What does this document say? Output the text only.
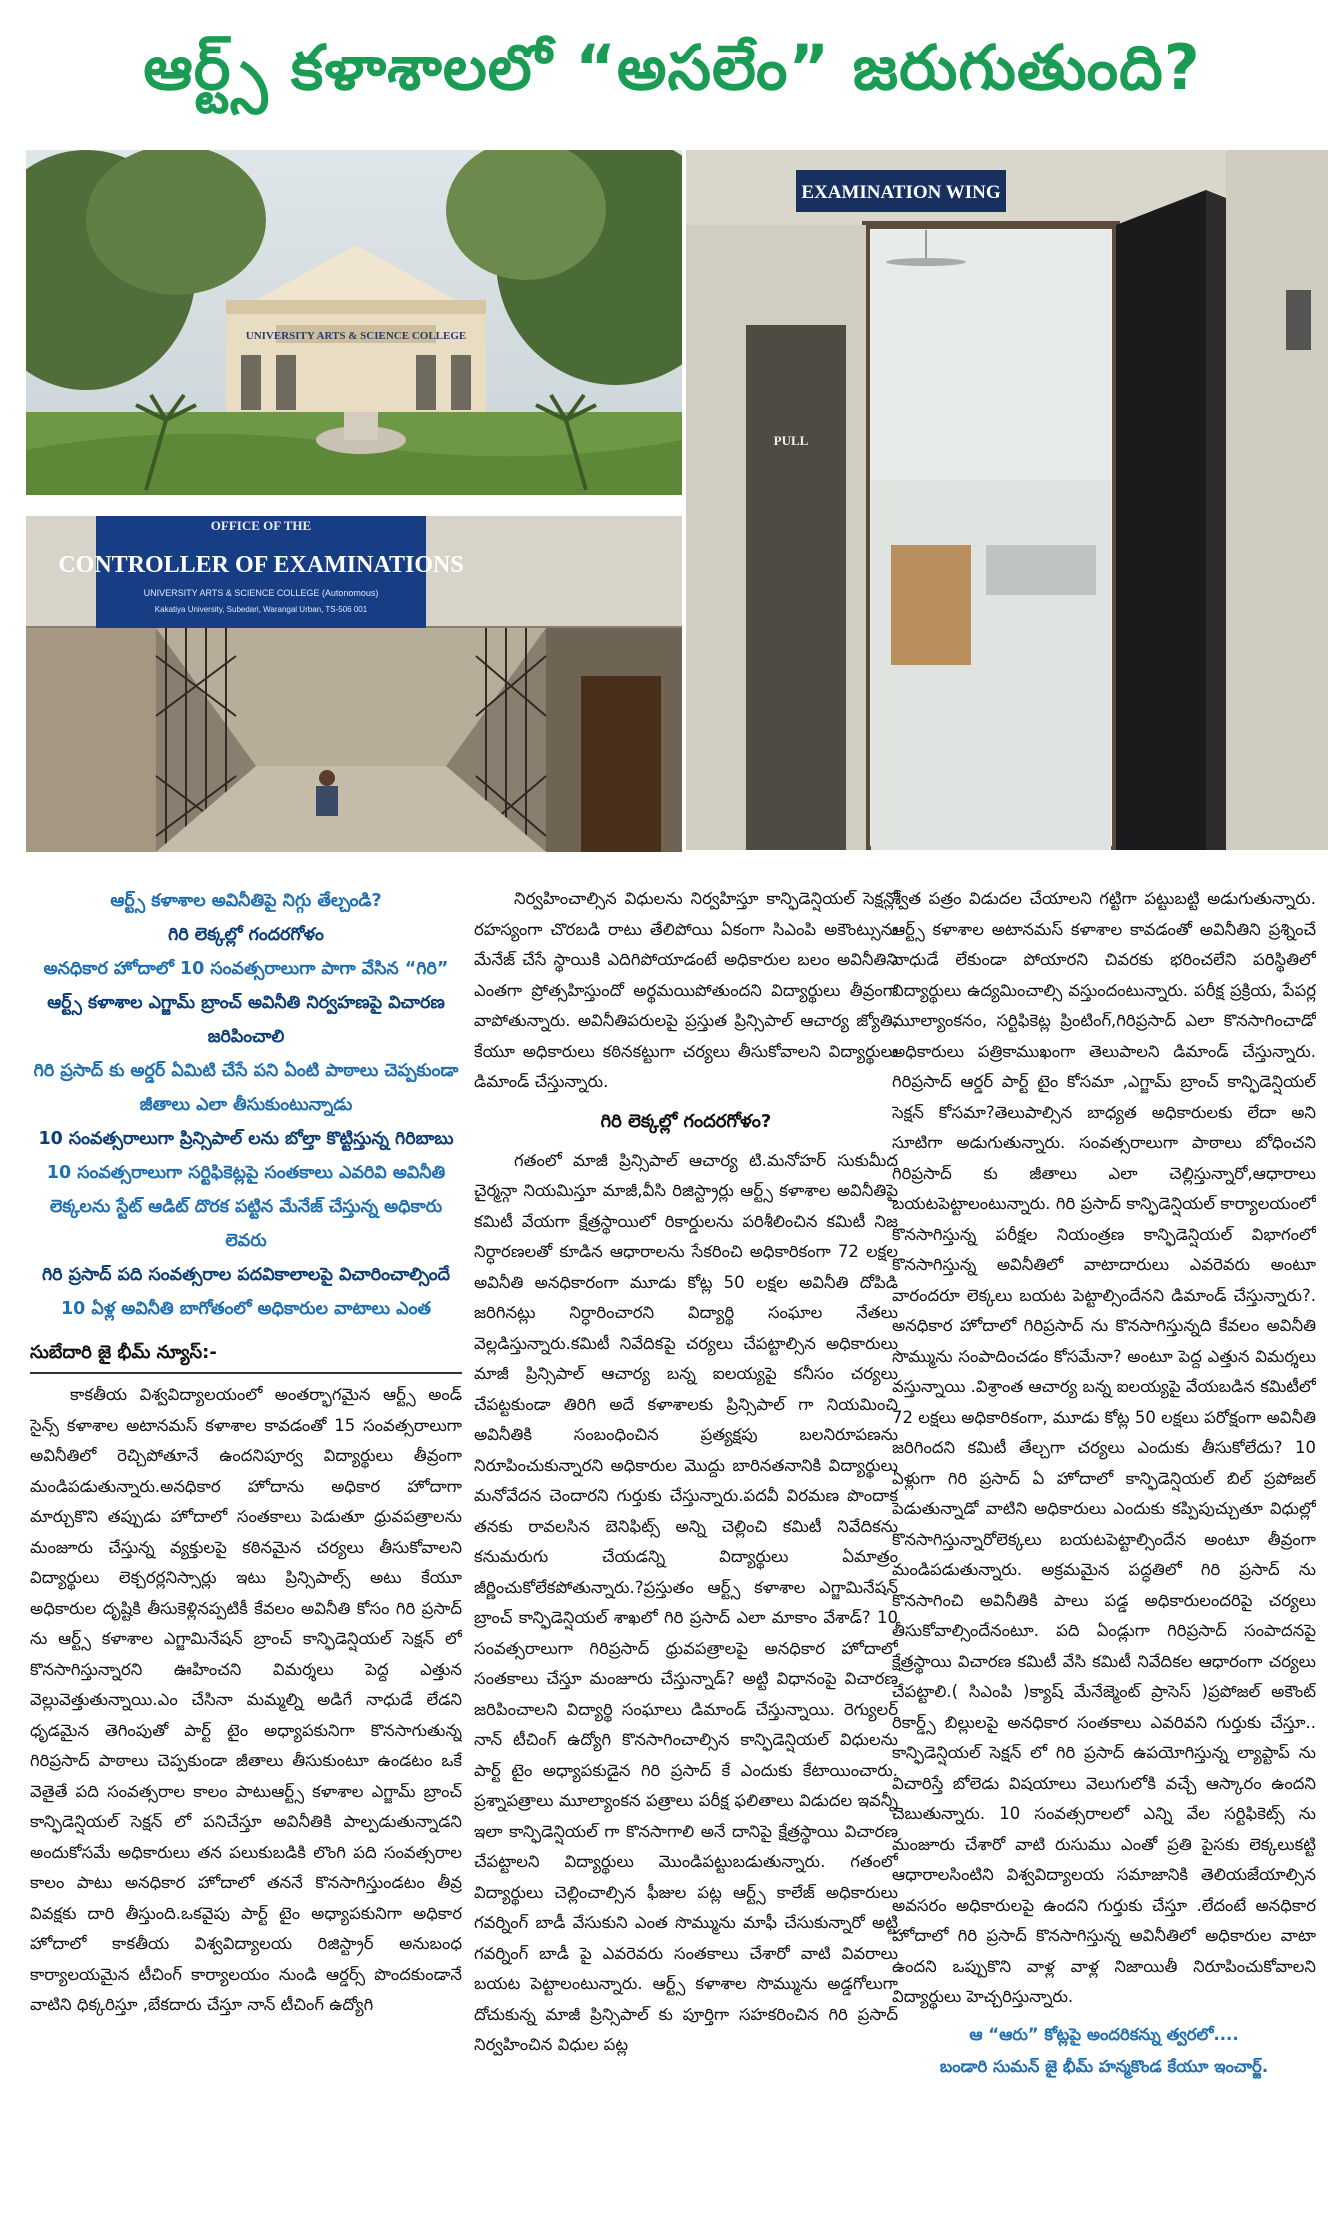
ఆర్ట్స్ కళాశాలలో “అసలేం” జరుగుతుంది?
UNIVERSITY ARTS & SCIENCE COLLEGE
OFFICE OF THE
CONTROLLER OF EXAMINATIONS
UNIVERSITY ARTS & SCIENCE COLLEGE (Autonomous)
Kakatiya University, Subedari, Warangal Urban, TS-506 001
EXAMINATION WING
PULL

ఆర్ట్స్ కళాశాల అవినీతిపై నిగ్గు తేల్చండి?

గిరి లెక్కల్లో గందరగోళం

అనధికార హోదాలో 10 సంవత్సరాలుగా పాగా వేసిన “గిరి”

ఆర్ట్స్ కళాశాల ఎగ్జామ్ బ్రాంచ్ అవినీతి నిర్వహణపై విచారణ జరిపించాలి

గిరి ప్రసాద్ కు అర్డర్ ఏమిటి చేసే పని ఏంటి పాఠాలు చెప్పకుండా జీతాలు ఎలా తీసుకుంటున్నాడు

10 సంవత్సరాలుగా ప్రిన్సిపాల్ లను బోల్తా కొట్టిస్తున్న గిరిబాబు

10 సంవత్సరాలుగా సర్టిఫికెట్లపై సంతకాలు ఎవరివి అవినీతి లెక్కలను స్టేట్ ఆడిట్ దొరక పట్టిన మేనేజ్ చేస్తున్న అధికారు లెవరు

గిరి ప్రసాద్ పది సంవత్సరాల పదవికాలాలపై విచారించాల్సిందే

10 ఏళ్ల అవినీతి బాగోతంలో అధికారుల వాటాలు ఎంత

సుబేదారి జై భీమ్ న్యూస్:-

కాకతీయ విశ్వవిద్యాలయంలో అంతర్భాగమైన ఆర్ట్స్ అండ్ సైన్స్ కళాశాల అటానమస్ కళాశాల కావడంతో 15 సంవత్సరాలుగా అవినీతిలో రెచ్చిపోతూనే ఉందనిపూర్వ విద్యార్థులు తీవ్రంగా మండిపడుతున్నారు.అనధికార హోదాను అధికార హోదాగా మార్చుకొని తప్పుడు హోదాలో సంతకాలు పెడుతూ ధ్రువపత్రాలను మంజూరు చేస్తున్న వ్యక్తులపై కఠినమైన చర్యలు తీసుకోవాలని విద్యార్థులు లెక్చరర్లనిస్సార్లు ఇటు ప్రిన్సిపాల్స్ అటు కేయూ అధికారుల దృష్టికి తీసుకెళ్లినప్పటికీ కేవలం అవినీతి కోసం గిరి ప్రసాద్ ను ఆర్ట్స్ కళాశాల ఎగ్జామినేషన్ బ్రాంచ్ కాన్ఫిడెన్షియల్ సెక్షన్ లో కొనసాగిస్తున్నారని ఊహించని విమర్శలు పెద్ద ఎత్తున వెల్లువెత్తుతున్నాయి.ఎం చేసినా మమ్మల్ని అడిగే నాధుడే లేడని ధృడమైన తెగింపుతో పార్ట్ టైం అధ్యాపకునిగా కొనసాగుతున్న గిరిప్రసాద్ పాఠాలు చెప్పకుండా జీతాలు తీసుకుంటూ ఉండటం ఒకే వెతైతే పది సంవత్సరాల కాలం పాటుఆర్ట్స్ కళాశాల ఎగ్జామ్ బ్రాంచ్ కాన్ఫిడెన్షియల్ సెక్షన్ లో పనిచేస్తూ అవినీతికి పాల్పడుతున్నాడని అందుకోసమే అధికారులు తన పలుకుబడికి లొంగి పది సంవత్సరాల కాలం పాటు అనధికార హోదాలో తననే కొనసాగిస్తుండటం తీవ్ర వివక్షకు దారి తీస్తుంది.ఒకవైపు పార్ట్ టైం అధ్యాపకునిగా అధికార హోదాలో కాకతీయ విశ్వవిద్యాలయ రిజిస్ట్రార్ అనుబంధ కార్యాలయమైన టీచింగ్ కార్యాలయం నుండి ఆర్డర్స్ పొందకుండానే వాటిని ధిక్కరిస్తూ ,బేకదారు చేస్తూ నాన్ టీచింగ్ ఉద్యోగి

నిర్వహించాల్సిన విధులను నిర్వహిస్తూ కాన్ఫిడెన్షియల్ సెక్షన్లో రహస్యంగా చొరబడి రాటు తేలిపోయి ఏకంగా సిఎంపి అకౌంట్సును మేనేజ్ చేసే స్థాయికి ఎదిగిపోయాడంటే అధికారుల బలం అవినీతిని ఎంతగా ప్రోత్సహిస్తుందో అర్థమయిపోతుందని విద్యార్థులు తీవ్రంగా వాపోతున్నారు. అవినీతిపరులపై ప్రస్తుత ప్రిన్సిపాల్ ఆచార్య జ్యోతి, కేయూ అధికారులు కఠినకట్టుగా చర్యలు తీసుకోవాలని విద్యార్థులు డిమాండ్ చేస్తున్నారు.

గిరి లెక్కల్లో గందరగోళం?

గతంలో మాజీ ప్రిన్సిపాల్ ఆచార్య టి.మనోహర్ సుకుమీద చైర్మన్గా నియమిస్తూ మాజీ,వీసి రిజిస్ట్రార్లు ఆర్ట్స్ కళాశాల అవినీతిపై కమిటీ వేయగా క్షేత్రస్థాయిలో రికార్డులను పరిశీలించిన కమిటీ నిజ నిర్ధారణలతో కూడిన ఆధారాలను సేకరించి అధికారికంగా 72 లక్షల అవినీతి అనధికారంగా మూడు కోట్ల 50 లక్షల అవినీతి దోపిడి జరిగినట్లు నిర్ధారించారని విద్యార్థి సంఘాల నేతలు వెల్లడిస్తున్నారు.కమిటీ నివేదికపై చర్యలు చేపట్టాల్సిన అధికారులు మాజీ ప్రిన్సిపాల్ ఆచార్య బన్న ఐలయ్యపై కనీసం చర్యలు చేపట్టకుండా తిరిగి అదే కళాశాలకు ప్రిన్సిపాల్ గా నియమించి అవినీతికి సంబంధించిన ప్రత్యక్షపు బలనిరూపణను నిరూపించుకున్నారని అధికారుల మొద్దు బారినతనానికి విద్యార్థులు మనోవేదన చెందారని గుర్తుకు చేస్తున్నారు.పదవీ విరమణ పొందాక తనకు రావలసిన బెనిఫిట్స్ అన్ని చెల్లించి కమిటీ నివేదికను కనుమరుగు చేయడన్ని విద్యార్థులు ఏమాత్రం జీర్ణించుకోలేకపోతున్నారు.?ప్రస్తుతం ఆర్ట్స్ కళాశాల ఎగ్జామినేషన్ బ్రాంచ్ కాన్ఫిడెన్షియల్ శాఖలో గిరి ప్రసాద్ ఎలా మాకాం వేశాడ్? 10 సంవత్సరాలుగా గిరిప్రసాద్ ధ్రువపత్రాలపై అనధికార హోదాలో సంతకాలు చేస్తూ మంజూరు చేస్తున్నాడ్? అట్టి విధానంపై విచారణ జరిపించాలని విద్యార్థి సంఘాలు డిమాండ్ చేస్తున్నాయి. రెగ్యులర్ నాన్ టీచింగ్ ఉద్యోగి కొనసాగించాల్సిన కాన్ఫిడెన్షియల్ విధులను పార్ట్ టైం అధ్యాపకుడైన గిరి ప్రసాద్ కే ఎందుకు కేటాయించారు. ప్రశ్నాపత్రాలు మూల్యాంకన పత్రాలు పరీక్ష ఫలితాలు విడుదల ఇవన్నీ ఇలా కాన్ఫిడెన్షియల్ గా కొనసాగాలి అనే దానిపై క్షేత్రస్థాయి విచారణ చేపట్టాలని విద్యార్థులు మొండిపట్టుబడుతున్నారు. గతంలో విద్యార్థులు చెల్లించాల్సిన ఫీజుల పట్ల ఆర్ట్స్ కాలేజ్ అధికారులు గవర్నింగ్ బాడీ వేసుకుని ఎంత సొమ్మును మాఫీ చేసుకున్నారో అట్టి గవర్నింగ్ బాడీ పై ఎవరెవరు సంతకాలు చేశారో వాటి వివరాలు బయట పెట్టాలంటున్నారు. ఆర్ట్స్ కళాశాల సొమ్మును అడ్డగోలుగా దోచుకున్న మాజీ ప్రిన్సిపాల్ కు పూర్తిగా సహకరించిన గిరి ప్రసాద్ నిర్వహించిన విధుల పట్ల

శ్వేత పత్రం విడుదల చేయాలని గట్టిగా పట్టుబట్టి అడుగుతున్నారు. ఆర్ట్స్ కళాశాల అటానమస్ కళాశాల కావడంతో అవినీతిని ప్రశ్నించే నాధుడే లేకుండా పోయారని చివరకు భరించలేని పరిస్థితిలో విద్యార్థులు ఉద్యమించాల్సి వస్తుందంటున్నారు. పరీక్ష ప్రక్రియ, పేపర్ల మూల్యాంకనం, సర్టిఫికెట్ల ప్రింటింగ్,గిరిప్రసాద్ ఎలా కొనసాగించాడో అధికారులు పత్రికాముఖంగా తెలుపాలని డిమాండ్ చేస్తున్నారు. గిరిప్రసాద్ ఆర్డర్ పార్ట్ టైం కోసమా ,ఎగ్జామ్ బ్రాంచ్ కాన్ఫిడెన్షియల్ సెక్షన్ కోసమా?తెలుపాల్సిన బాధ్యత అధికారులకు లేదా అని సూటిగా అడుగుతున్నారు. సంవత్సరాలుగా పాఠాలు బోధించని గిరిప్రసాద్ కు జీతాలు ఎలా చెల్లిస్తున్నారో,ఆధారాలు బయటపెట్టాలంటున్నారు. గిరి ప్రసాద్ కాన్ఫిడెన్షియల్ కార్యాలయంలో కొనసాగిస్తున్న పరీక్షల నియంత్రణ కాన్ఫిడెన్షియల్ విభాగంలో కొనసాగిస్తున్న అవినీతిలో వాటాదారులు ఎవరెవరు అంటూ వారందరూ లెక్కలు బయట పెట్టాల్సిందేనని డిమాండ్ చేస్తున్నారు?. అనధికార హోదాలో గిరిప్రసాద్ ను కొనసాగిస్తున్నది కేవలం అవినీతి సొమ్మును సంపాదించడం కోసమేనా? అంటూ పెద్ద ఎత్తున విమర్శలు వస్తున్నాయి .విశ్రాంత ఆచార్య బన్న ఐలయ్యపై వేయబడిన కమిటీలో 72 లక్షలు అధికారికంగా, మూడు కోట్ల 50 లక్షలు పరోక్షంగా అవినీతి జరిగిందని కమిటీ తేల్చగా చర్యలు ఎందుకు తీసుకోలేదు? 10 ఏళ్లుగా గిరి ప్రసాద్ ఏ హోదాలో కాన్ఫిడెన్షియల్ బిల్ ప్రపోజల్ పెడుతున్నాడో వాటిని అధికారులు ఎందుకు కప్పిపుచ్చుతూ విధుల్లో కొనసాగిస్తున్నారోలెక్కలు బయటపెట్టాల్సిందేన అంటూ తీవ్రంగా మండిపడుతున్నారు. అక్రమమైన పద్ధతిలో గిరి ప్రసాద్ ను కొనసాగించి అవినీతికి పాలు పడ్డ అధికారులందరిపై చర్యలు తీసుకోవాల్సిందేనంటూ. పది ఏండ్లుగా గిరిప్రసాద్ సంపాదనపై క్షేత్రస్థాయి విచారణ కమిటీ వేసి కమిటీ నివేదికల ఆధారంగా చర్యలు చేపట్టాలి.( సిఎంపి )క్యాష్ మేనేజ్మెంట్ ప్రాసెస్ )ప్రపోజల్ అకౌంట్ రికార్డ్స్ బిల్లులపై అనధికార సంతకాలు ఎవరివని గుర్తుకు చేస్తూ.. కాన్ఫిడెన్షియల్ సెక్షన్ లో గిరి ప్రసాద్ ఉపయోగిస్తున్న ల్యాప్టాప్ ను విచారిస్తే బోలెడు విషయాలు వెలుగులోకి వచ్చే ఆస్కారం ఉందని చెబుతున్నారు. 10 సంవత్సరాలలో ఎన్ని వేల సర్టిఫికెట్స్ ను మంజూరు చేశారో వాటి రుసుము ఎంతో ప్రతి పైసకు లెక్కలుకట్టి ఆధారాలసింటిని విశ్వవిద్యాలయ సమాజానికి తెలియజేయాల్సిన అవసరం అధికారులపై ఉందని గుర్తుకు చేస్తూ .లేదంటే అనధికార హోదాలో గిరి ప్రసాద్ కొనసాగిస్తున్న అవినీతిలో అధికారుల వాటా ఉందని ఒప్పుకొని వాళ్ల వాళ్ల నిజాయితీ నిరూపించుకోవాలని విద్యార్థులు హెచ్చరిస్తున్నారు.

ఆ “ఆరు” కోట్లపై అందరికన్ను త్వరలో....

బండారి సుమన్ జై భీమ్ హన్మకొండ కేయూ ఇంచార్జ్.
